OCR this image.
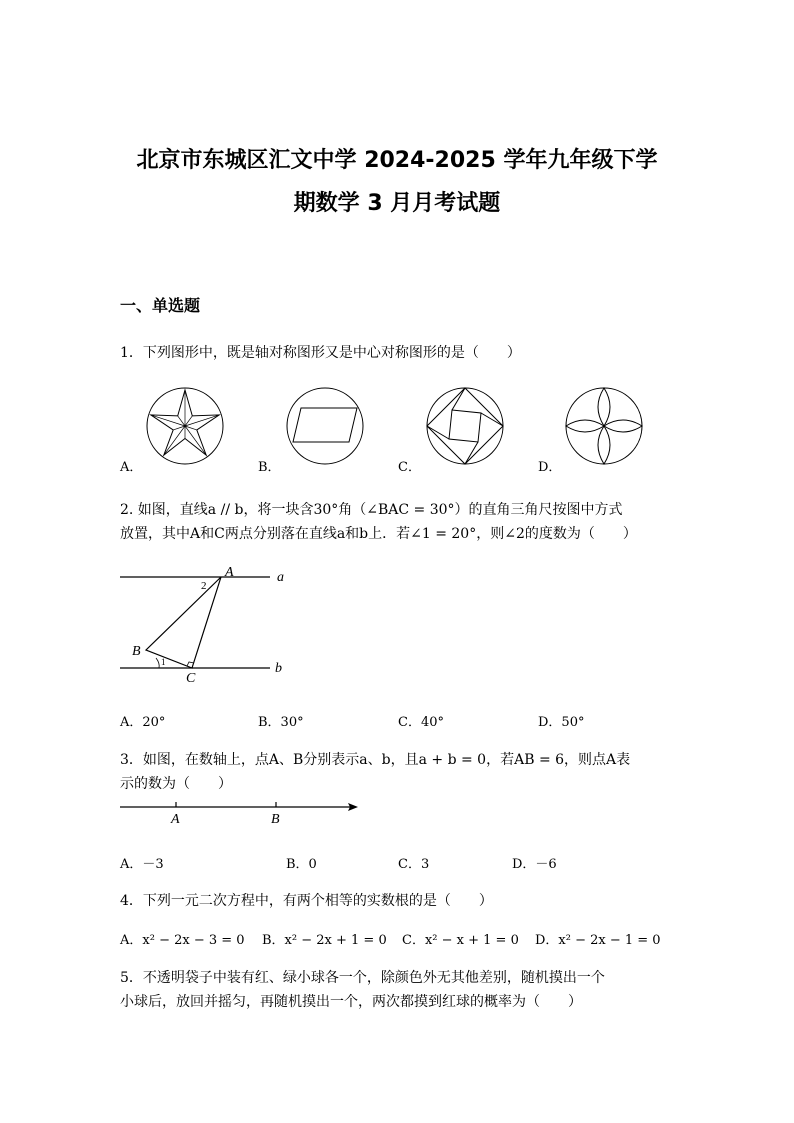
北京市东城区汇文中学 2024-2025 学年九年级下学
期数学 3 月月考试题
一、单选题
1．下列图形中，既是轴对称图形又是中心对称图形的是（　　）
A．	B．	C．	D．
2. 如图，直线a // b，将一块含30°角（∠BAC = 30°）的直角三角尺按图中方式
放置，其中A和C两点分别落在直线a和b上．若∠1 = 20°，则∠2的度数为（　　）
A
B
C
a
b
2
1
A．20°	B．30°	C．40°	D．50°
3．如图，在数轴上，点A、B分别表示a、b，且a + b = 0，若AB = 6，则点A表
示的数为（　　）
A	B
A．－3	B．0	C．3	D．－6
4．下列一元二次方程中，有两个相等的实数根的是（　　）
A．x² − 2x − 3 = 0 B．x² − 2x + 1 = 0 C．x² − x + 1 = 0 D．x² − 2x − 1 = 0
5．不透明袋子中装有红、绿小球各一个，除颜色外无其他差别，随机摸出一个
小球后，放回并摇匀，再随机摸出一个，两次都摸到红球的概率为（　　）
